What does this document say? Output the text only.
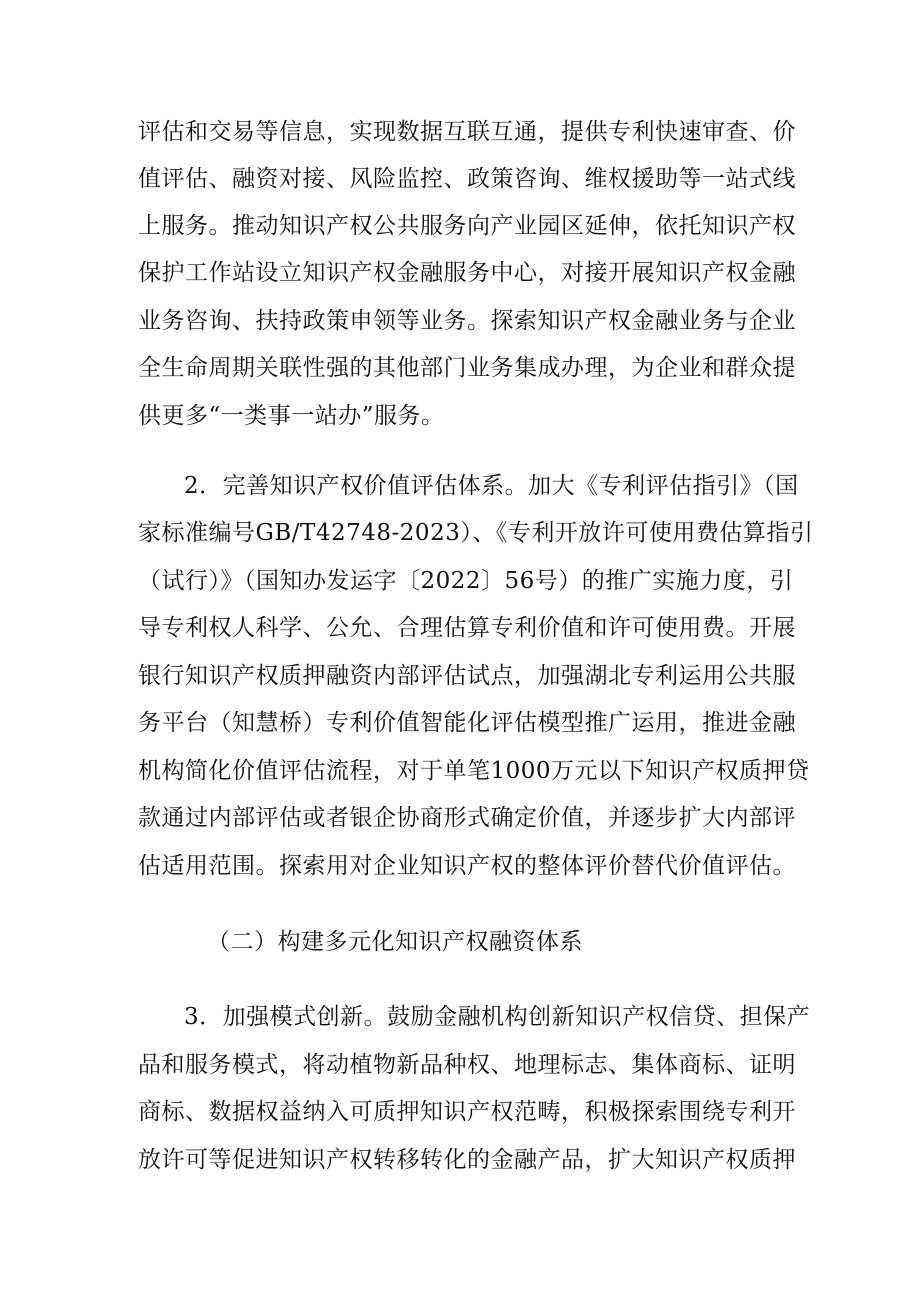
评估和交易等信息，实现数据互联互通，提供专利快速审查、价
值评估、融资对接、风险监控、政策咨询、维权援助等一站式线
上服务。推动知识产权公共服务向产业园区延伸，依托知识产权
保护工作站设立知识产权金融服务中心，对接开展知识产权金融
业务咨询、扶持政策申领等业务。探索知识产权金融业务与企业
全生命周期关联性强的其他部门业务集成办理，为企业和群众提
供更多“一类事一站办”服务。
2．完善知识产权价值评估体系。加大《专利评估指引》（国
家标准编号GB/T42748-2023）、《专利开放许可使用费估算指引
（试行）》（国知办发运字〔2022〕56号）的推广实施力度，引
导专利权人科学、公允、合理估算专利价值和许可使用费。开展
银行知识产权质押融资内部评估试点，加强湖北专利运用公共服
务平台（知慧桥）专利价值智能化评估模型推广运用，推进金融
机构简化价值评估流程，对于单笔1000万元以下知识产权质押贷
款通过内部评估或者银企协商形式确定价值，并逐步扩大内部评
估适用范围。探索用对企业知识产权的整体评价替代价值评估。
（二）构建多元化知识产权融资体系
3．加强模式创新。鼓励金融机构创新知识产权信贷、担保产
品和服务模式，将动植物新品种权、地理标志、集体商标、证明
商标、数据权益纳入可质押知识产权范畴，积极探索围绕专利开
放许可等促进知识产权转移转化的金融产品，扩大知识产权质押
